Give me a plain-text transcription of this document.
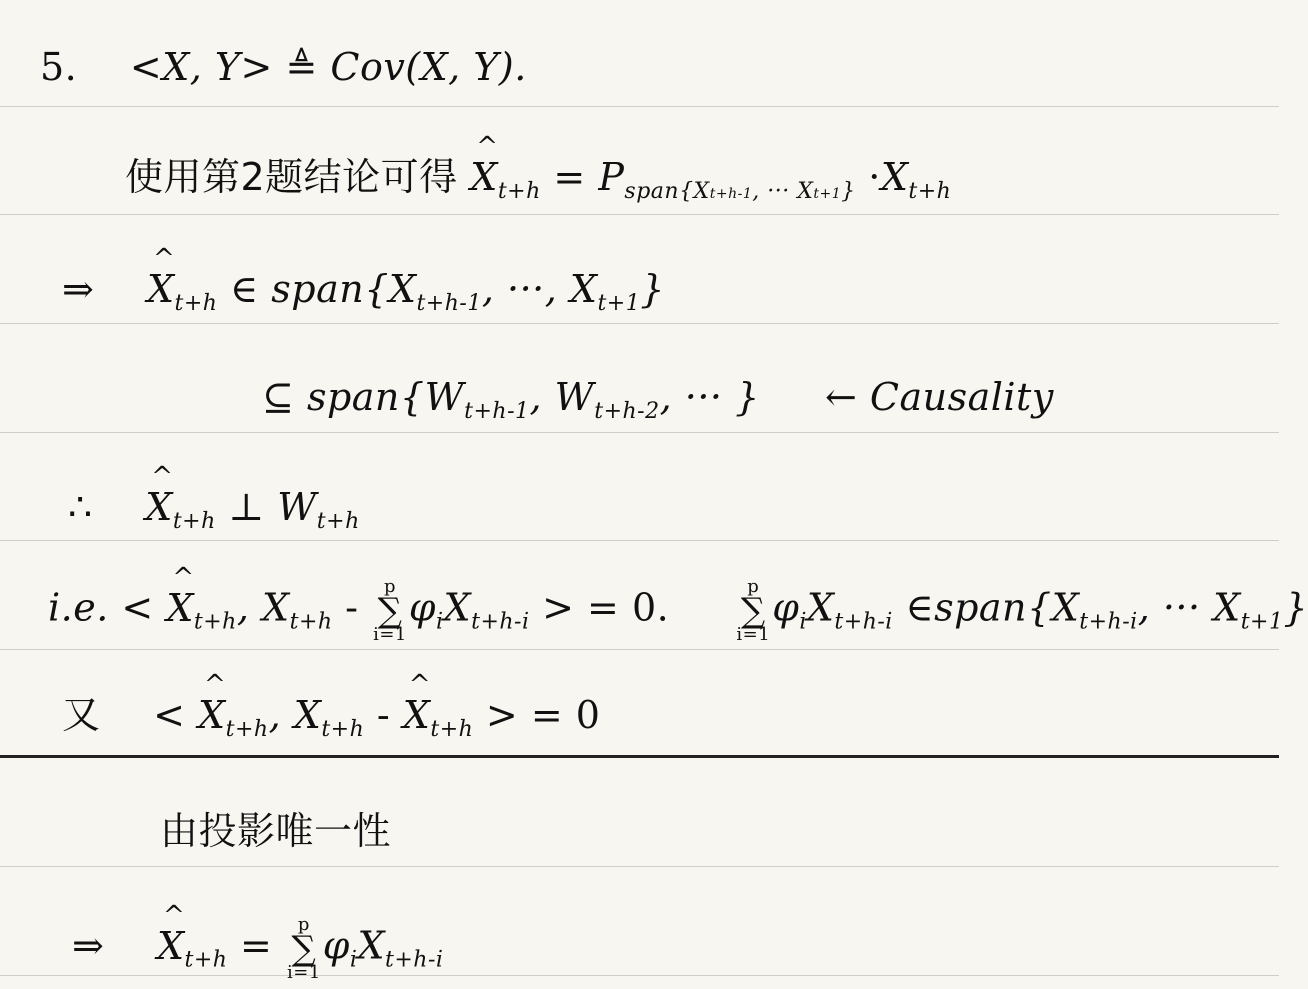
5. <X, Y> ≜ Cov(X, Y).
使用第2题结论可得 ^ $X_{t+h} = P_{span\{Xt+h-1, \cdot\cdot\cdot Xt+1\}} \cdot X_{t+h}$
⇒ ^ $X_{t+h}$ ∈ $span\{X_{t+h-1}$, ···, $X_{t+1}$}
⊆ $span\{W_{t+h-1}$, $W_{t+h-2}$, ··· } ← Causality
∴ ^ $X_{t+h}$ ⊥ $W_{t+h}$
i.e. < ^ $X_{t+h}$, $X_{t+h}$ -	p
∑
i=1
$\varphi_iX_{t+h-i}$ > = 0.	p
∑
i=1
$\varphi_iX_{t+h-i}$ $\in span\{X_{t+h-i}$, ··· $X_{t+1}$}
又 < ^ $X_{t+h}$, $X_{t+h}$ - ^ $X_{t+h}$ > = 0
由投影唯一性
⇒ ^ $X_{t+h}$ =	p
∑
i=1
$\varphi_iX_{t+h-i}$
